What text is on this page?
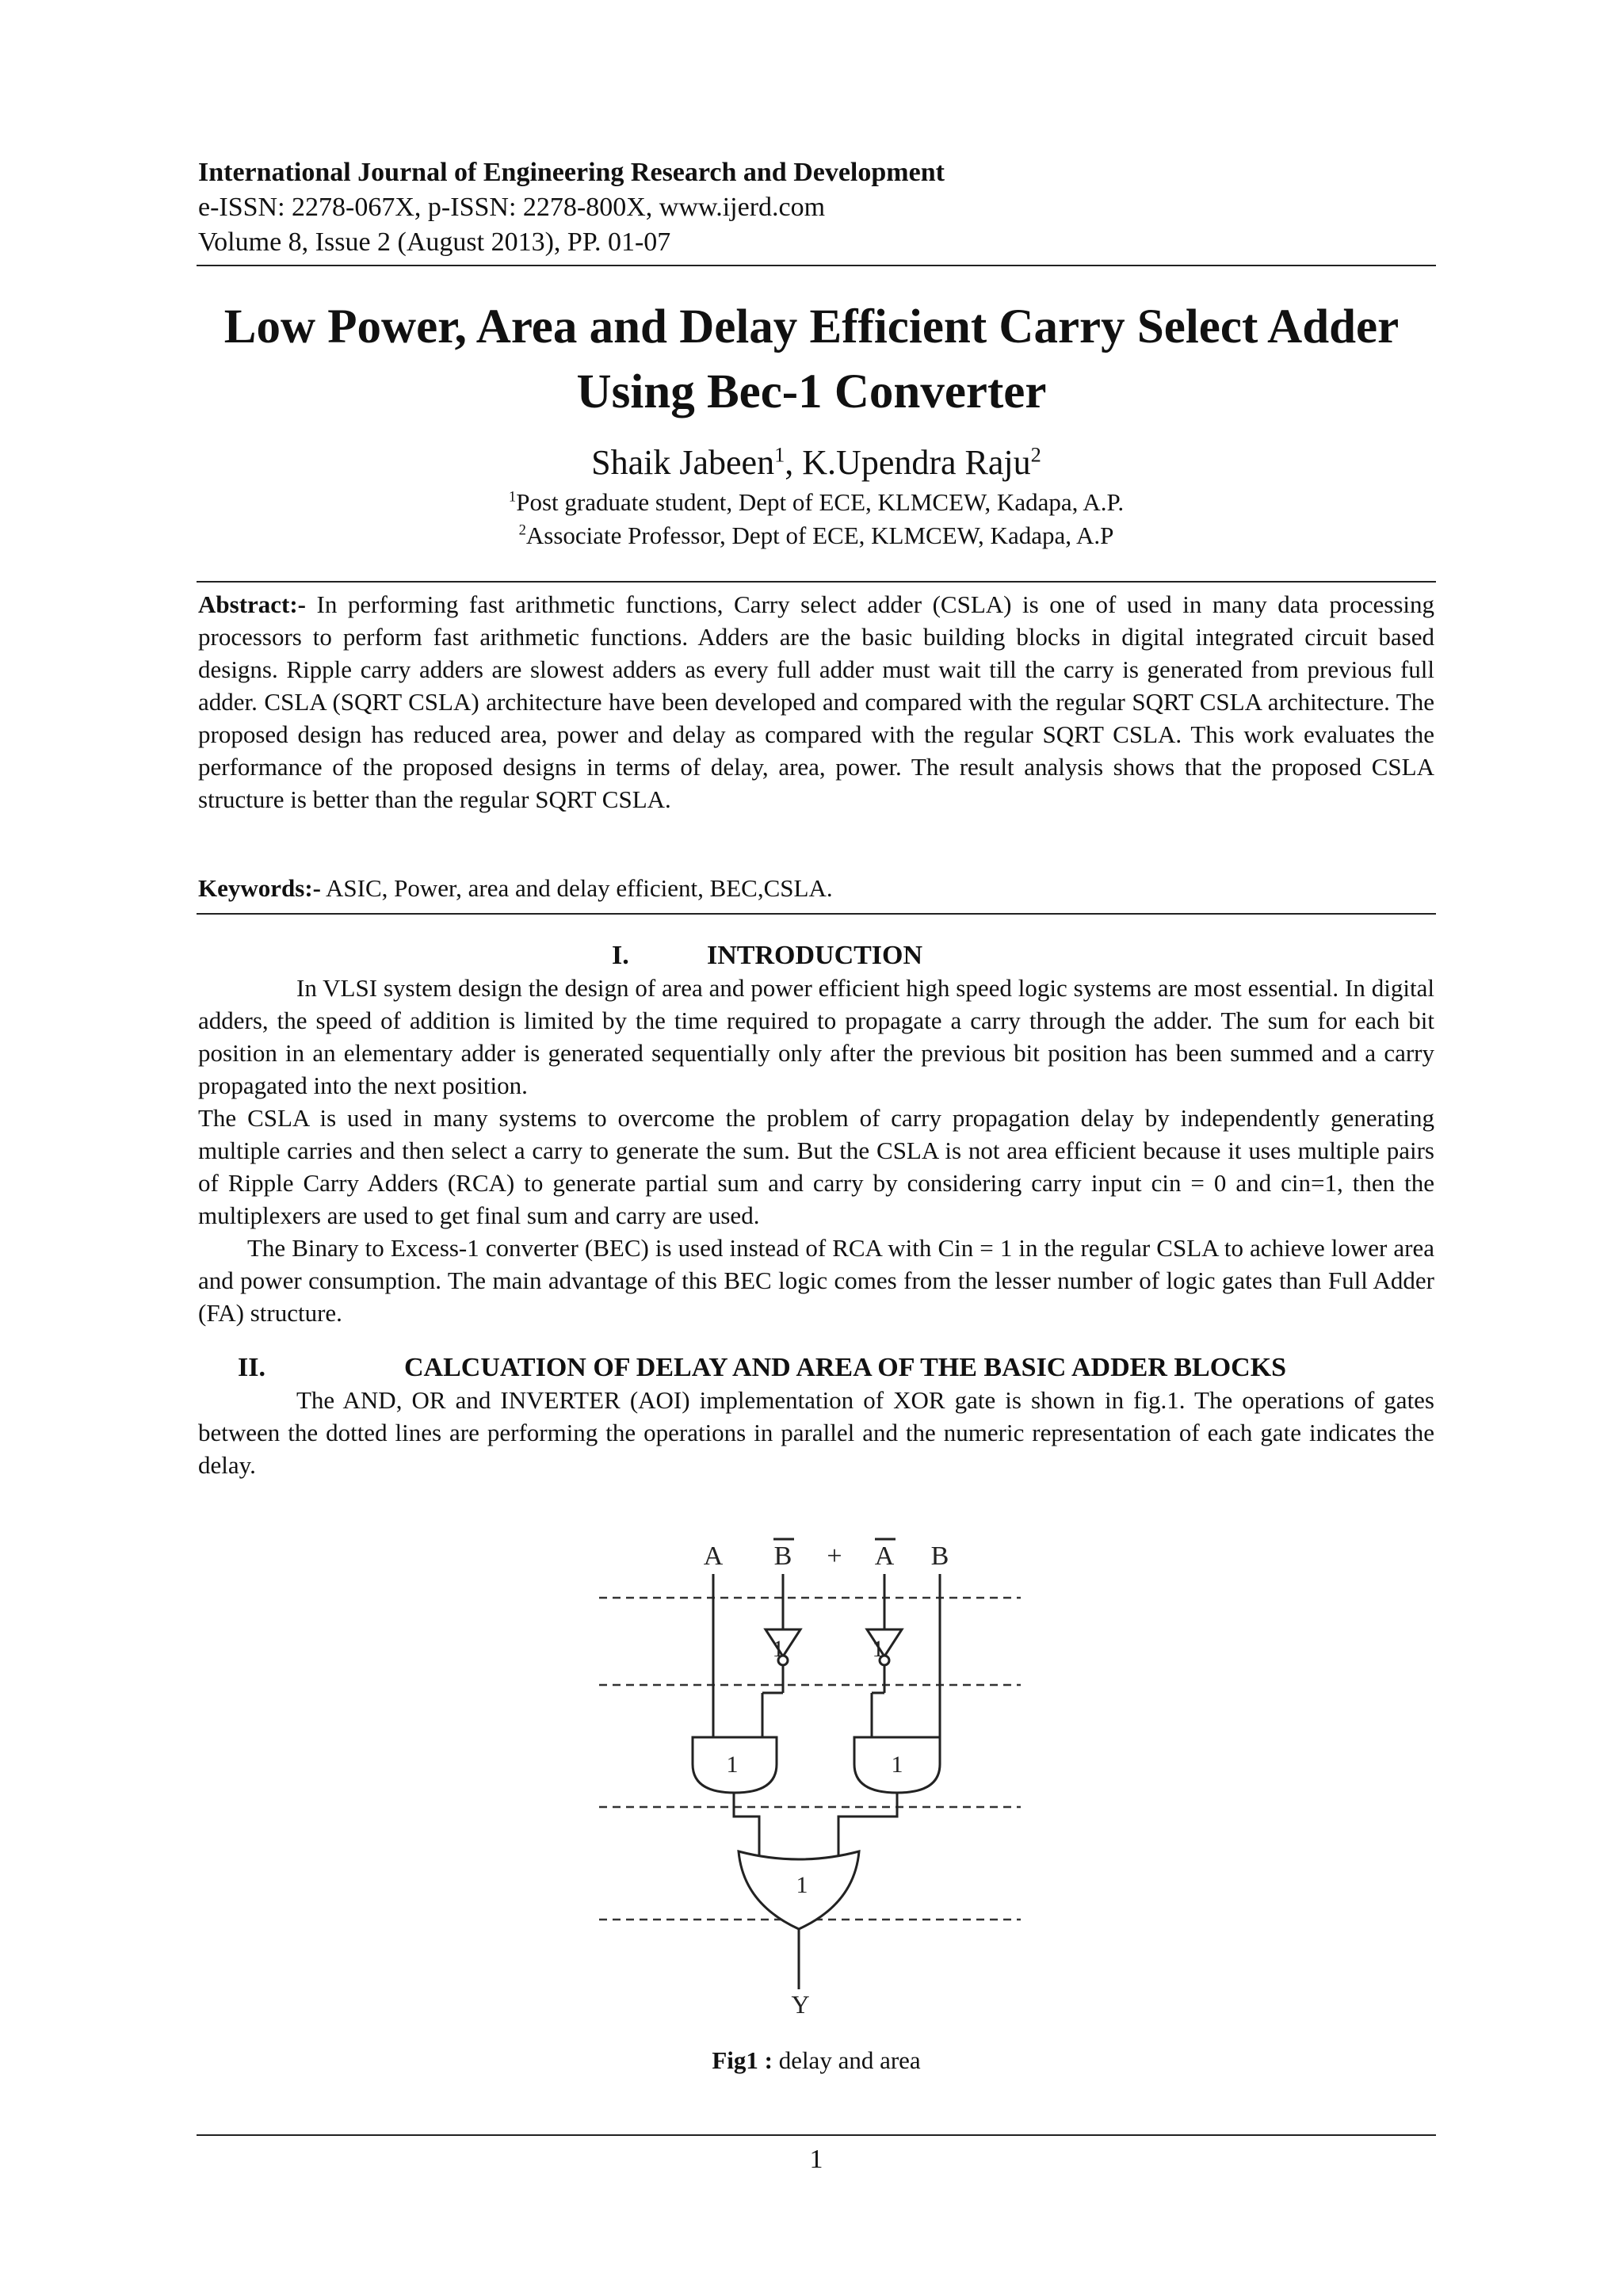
International Journal of Engineering Research and Development
e-ISSN: 2278-067X, p-ISSN: 2278-800X, www.ijerd.com
Volume 8, Issue 2 (August 2013), PP. 01-07
Low Power, Area and Delay Efficient Carry Select Adder
Using Bec-1 Converter
Shaik Jabeen$^1$, K.Upendra Raju$^2$
$^1$Post graduate student, Dept of ECE, KLMCEW, Kadapa, A.P.
$^2$Associate Professor, Dept of ECE, KLMCEW, Kadapa, A.P
Abstract:- In performing fast arithmetic functions, Carry select adder (CSLA) is one of used in many data processing processors to perform fast arithmetic functions. Adders are the basic building blocks in digital integrated circuit based designs. Ripple carry adders are slowest adders as every full adder must wait till the carry is generated from previous full adder. CSLA (SQRT CSLA) architecture have been developed and compared with the regular SQRT CSLA architecture. The proposed design has reduced area, power and delay as compared with the regular SQRT CSLA. This work evaluates the performance of the proposed designs in terms of delay, area, power. The result analysis shows that the proposed CSLA structure is better than the regular SQRT CSLA.
Keywords:- ASIC, Power, area and delay efficient, BEC,CSLA.
I.	INTRODUCTION
In VLSI system design the design of area and power efficient high speed logic systems are most essential. In digital adders, the speed of addition is limited by the time required to propagate a carry through the adder. The sum for each bit position in an elementary adder is generated sequentially only after the previous bit position has been summed and a carry propagated into the next position.
The CSLA is used in many systems to overcome the problem of carry propagation delay by independently generating multiple carries and then select a carry to generate the sum. But the CSLA is not area efficient because it uses multiple pairs of Ripple Carry Adders (RCA) to generate partial sum and carry by considering carry input cin = 0 and cin=1, then the multiplexers are used to get final sum and carry are used.
The Binary to Excess-1 converter (BEC) is used instead of RCA with Cin = 1 in the regular CSLA to achieve lower area and power consumption. The main advantage of this BEC logic comes from the lesser number of logic gates than Full Adder (FA) structure.
II.	CALCUATION OF DELAY AND AREA OF THE BASIC ADDER BLOCKS
The AND, OR and INVERTER (AOI) implementation of XOR gate is shown in fig.1. The operations of gates between the dotted lines are performing the operations in parallel and the numeric representation of each gate indicates the delay.
A B + A B
1	1
1	1
1
Y
Fig1 : delay and area
1
